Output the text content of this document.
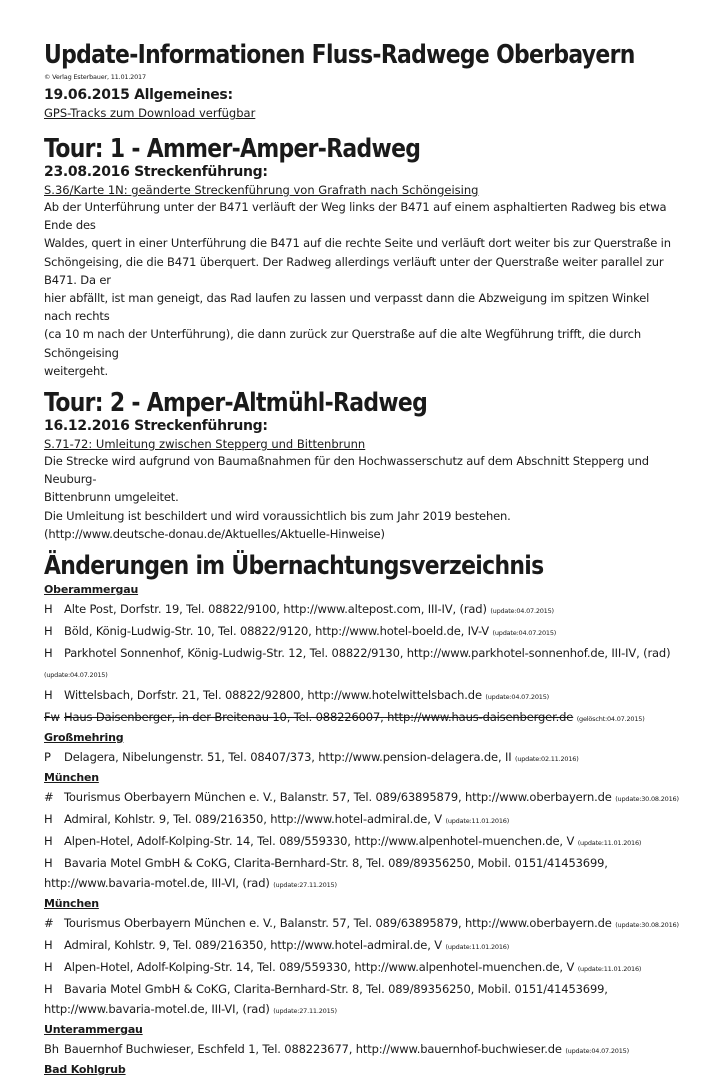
Update-Informationen Fluss-Radwege Oberbayern
© Verlag Esterbauer, 11.01.2017
19.06.2015 Allgemeines:
GPS-Tracks zum Download verfügbar
Tour: 1 - Ammer-Amper-Radweg
23.08.2016 Streckenführung:
S.36/Karte 1N: geänderte Streckenführung von Grafrath nach Schöngeising

Ab der Unterführung unter der B471 verläuft der Weg links der B471 auf einem asphaltierten Radweg bis etwa Ende des

Waldes, quert in einer Unterführung die B471 auf die rechte Seite und verläuft dort weiter bis zur Querstraße in

Schöngeising, die die B471 überquert. Der Radweg allerdings verläuft unter der Querstraße weiter parallel zur B471. Da er

hier abfällt, ist man geneigt, das Rad laufen zu lassen und verpasst dann die Abzweigung im spitzen Winkel nach rechts

(ca 10 m nach der Unterführung), die dann zurück zur Querstraße auf die alte Wegführung trifft, die durch Schöngeising

weitergeht.

Tour: 2 - Amper-Altmühl-Radweg
16.12.2016 Streckenführung:
S.71-72: Umleitung zwischen Stepperg und Bittenbrunn

Die Strecke wird aufgrund von Baumaßnahmen für den Hochwasserschutz auf dem Abschnitt Stepperg und Neuburg-

Bittenbrunn umgeleitet.

Die Umleitung ist beschildert und wird voraussichtlich bis zum Jahr 2019 bestehen.

(http://www.deutsche-donau.de/Aktuelles/Aktuelle-Hinweise)

Änderungen im Übernachtungsverzeichnis
Oberammergau
H Alte Post, Dorfstr. 19, Tel. 08822/9100, http://www.altepost.com, III-IV, (rad) (update:04.07.2015)
H Böld, König-Ludwig-Str. 10, Tel. 08822/9120, http://www.hotel-boeld.de, IV-V (update:04.07.2015)
H Parkhotel Sonnenhof, König-Ludwig-Str. 12, Tel. 08822/9130, http://www.parkhotel-sonnenhof.de, III-IV, (rad) (update:04.07.2015)
H Wittelsbach, Dorfstr. 21, Tel. 08822/92800, http://www.hotelwittelsbach.de (update:04.07.2015)
Fw Haus Daisenberger, in der Breitenau 10, Tel. 088226007, http://www.haus-daisenberger.de (gelöscht:04.07.2015)
Großmehring
P Delagera, Nibelungenstr. 51, Tel. 08407/373, http://www.pension-delagera.de, II (update:02.11.2016)
München
# Tourismus Oberbayern München e. V., Balanstr. 57, Tel. 089/63895879, http://www.oberbayern.de (update:30.08.2016)
H Admiral, Kohlstr. 9, Tel. 089/216350, http://www.hotel-admiral.de, V (update:11.01.2016)
H Alpen-Hotel, Adolf-Kolping-Str. 14, Tel. 089/559330, http://www.alpenhotel-muenchen.de, V (update:11.01.2016)
H Bavaria Motel GmbH & CoKG, Clarita-Bernhard-Str. 8, Tel. 089/89356250, Mobil. 0151/41453699, http://www.bavaria-motel.de, III-VI, (rad) (update:27.11.2015)
München
# Tourismus Oberbayern München e. V., Balanstr. 57, Tel. 089/63895879, http://www.oberbayern.de (update:30.08.2016)
H Admiral, Kohlstr. 9, Tel. 089/216350, http://www.hotel-admiral.de, V (update:11.01.2016)
H Alpen-Hotel, Adolf-Kolping-Str. 14, Tel. 089/559330, http://www.alpenhotel-muenchen.de, V (update:11.01.2016)
H Bavaria Motel GmbH & CoKG, Clarita-Bernhard-Str. 8, Tel. 089/89356250, Mobil. 0151/41453699, http://www.bavaria-motel.de, III-VI, (rad) (update:27.11.2015)
Unterammergau
Bh Bauernhof Buchwieser, Eschfeld 1, Tel. 088223677, http://www.bauernhof-buchwieser.de (update:04.07.2015)
Bad Kohlgrub
